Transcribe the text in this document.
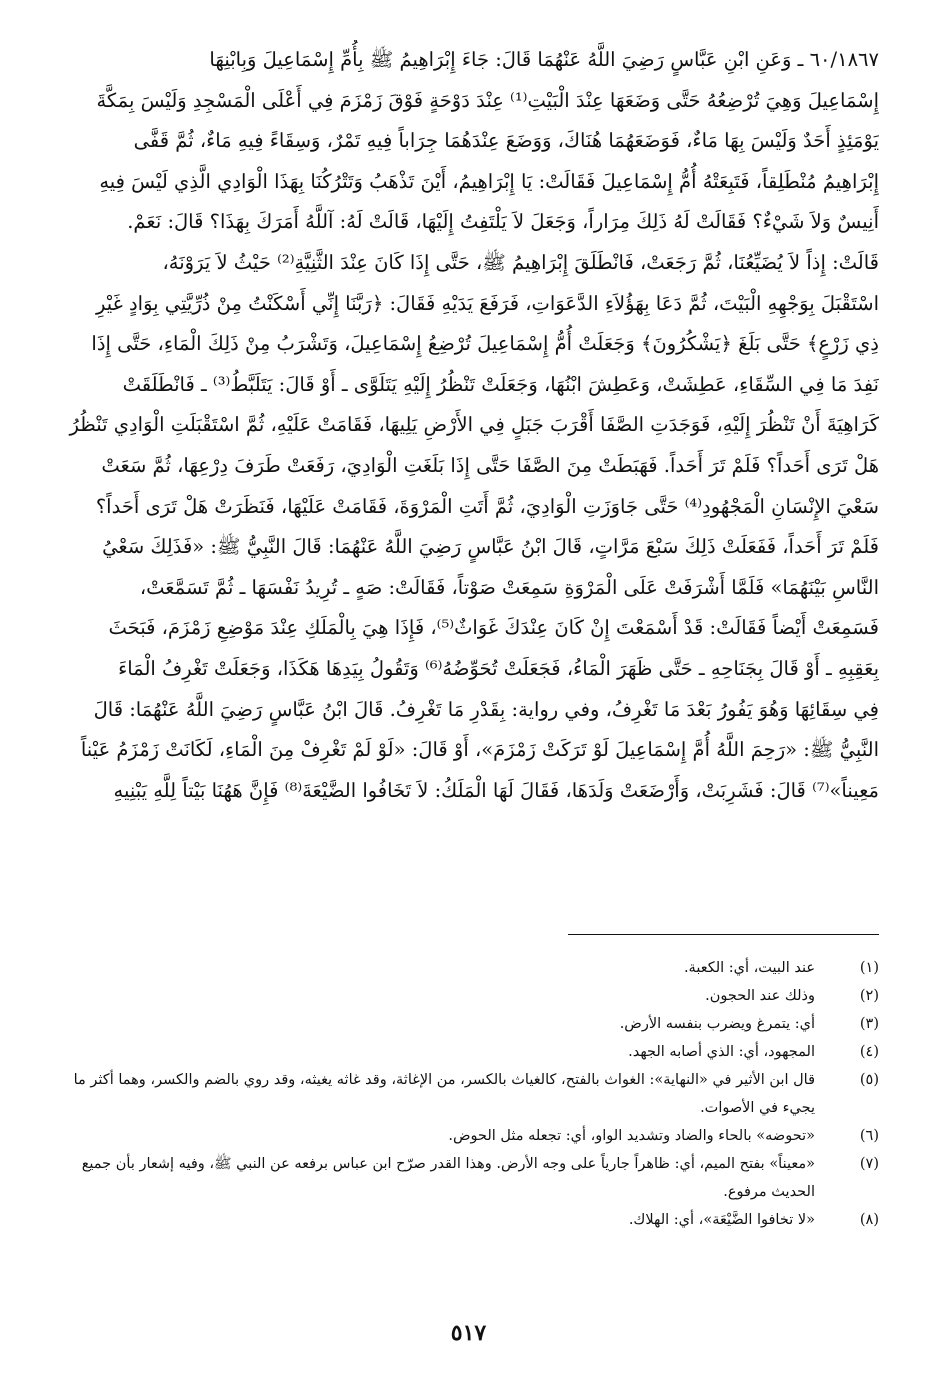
٦٠/١٨٦٧ ـ وَعَنِ ابْنِ عَبَّاسٍ رَضِيَ اللَّهُ عَنْهُمَا قَالَ: جَاءَ إِبْرَاهِيمُ ﷺ بِأُمِّ إِسْمَاعِيلَ وَبِابْنِهَا
إِسْمَاعِيلَ وَهِيَ تُرْضِعُهُ حَتَّى وَضَعَهَا عِنْدَ الْبَيْتِ⁽¹⁾ عِنْدَ دَوْحَةٍ فَوْقَ زَمْزَمَ فِي أَعْلَى الْمَسْجِدِ وَلَيْسَ بِمَكَّةَ
يَوْمَئِذٍ أَحَدٌ وَلَيْسَ بِهَا مَاءٌ، فَوَضَعَهُمَا هُنَاكَ، وَوَضَعَ عِنْدَهُمَا جِرَاباً فِيهِ تَمْرٌ، وَسِقَاءً فِيهِ مَاءٌ، ثُمَّ قَفَّى
إِبْرَاهِيمُ مُنْطَلِقاً، فَتَبِعَتْهُ أُمُّ إِسْمَاعِيلَ فَقَالَتْ: يَا إِبْرَاهِيمُ، أَيْنَ تَذْهَبُ وَتَتْرُكُنَا بِهَذَا الْوَادِي الَّذِي لَيْسَ فِيهِ
أَنِيسٌ وَلاَ شَيْءٌ؟ فَقَالَتْ لَهُ ذَلِكَ مِرَاراً، وَجَعَلَ لاَ يَلْتَفِتُ إِلَيْهَا، قَالَتْ لَهُ: آللَّهُ أَمَرَكَ بِهَذَا؟ قَالَ: نَعَمْ.
قَالَتْ: إِذاً لاَ يُضَيِّعُنَا، ثُمَّ رَجَعَتْ، فَانْطَلَقَ إِبْرَاهِيمُ ﷺ، حَتَّى إِذَا كَانَ عِنْدَ الثَّنِيَّةِ⁽²⁾ حَيْثُ لاَ يَرَوْنَهُ،
اسْتَقْبَلَ بِوَجْهِهِ الْبَيْتَ، ثُمَّ دَعَا بِهَؤُلاَءِ الدَّعَوَاتِ، فَرَفَعَ يَدَيْهِ فَقَالَ: ﴿رَبَّنَا إِنِّي أَسْكَنْتُ مِنْ ذُرِّيَّتِي بِوَادٍ غَيْرِ
ذِي زَرْعٍ﴾ حَتَّى بَلَغَ ﴿يَشْكُرُونَ﴾ وَجَعَلَتْ أُمُّ إِسْمَاعِيلَ تُرْضِعُ إِسْمَاعِيلَ، وَتَشْرَبُ مِنْ ذَلِكَ الْمَاءِ، حَتَّى إِذَا
نَفِدَ مَا فِي السِّقَاءِ، عَطِشَتْ، وَعَطِشَ ابْنُهَا، وَجَعَلَتْ تَنْظُرُ إِلَيْهِ يَتَلَوَّى ـ أَوْ قَالَ: يَتَلَبَّطُ⁽³⁾ ـ فَانْطَلَقَتْ
كَرَاهِيَةَ أَنْ تَنْظُرَ إِلَيْهِ، فَوَجَدَتِ الصَّفَا أَقْرَبَ جَبَلٍ فِي الأَرْضِ يَلِيهَا، فَقَامَتْ عَلَيْهِ، ثُمَّ اسْتَقْبَلَتِ الْوَادِي تَنْظُرُ
هَلْ تَرَى أَحَداً؟ فَلَمْ تَرَ أَحَداً. فَهَبَطَتْ مِنَ الصَّفَا حَتَّى إِذَا بَلَغَتِ الْوَادِيَ، رَفَعَتْ طَرَفَ دِرْعِهَا، ثُمَّ سَعَتْ
سَعْيَ الإِنْسَانِ الْمَجْهُودِ⁽⁴⁾ حَتَّى جَاوَزَتِ الْوَادِيَ، ثُمَّ أَتَتِ الْمَرْوَةَ، فَقَامَتْ عَلَيْهَا، فَنَظَرَتْ هَلْ تَرَى أَحَداً؟
فَلَمْ تَرَ أَحَداً، فَفَعَلَتْ ذَلِكَ سَبْعَ مَرَّاتٍ، قَالَ ابْنُ عَبَّاسٍ رَضِيَ اللَّهُ عَنْهُمَا: قَالَ النَّبِيُّ ﷺ: «فَذَلِكَ سَعْيُ
النَّاسِ بَيْنَهُمَا» فَلَمَّا أَشْرَفَتْ عَلَى الْمَرْوَةِ سَمِعَتْ صَوْتاً، فَقَالَتْ: صَهٍ ـ تُرِيدُ نَفْسَهَا ـ ثُمَّ تَسَمَّعَتْ،
فَسَمِعَتْ أَيْضاً فَقَالَتْ: قَدْ أَسْمَعْتَ إِنْ كَانَ عِنْدَكَ غَوَاثٌ⁽⁵⁾، فَإِذَا هِيَ بِالْمَلَكِ عِنْدَ مَوْضِعِ زَمْزَمَ، فَبَحَثَ
بِعَقِبِهِ ـ أَوْ قَالَ بِجَنَاحِهِ ـ حَتَّى ظَهَرَ الْمَاءُ، فَجَعَلَتْ تُحَوِّضُهُ⁽⁶⁾ وَتَقُولُ بِيَدِهَا هَكَذَا، وَجَعَلَتْ تَغْرِفُ الْمَاءَ
فِي سِقَائِهَا وَهُوَ يَفُورُ بَعْدَ مَا تَغْرِفُ، وفي رواية: بِقَدْرِ مَا تَغْرِفُ. قَالَ ابْنُ عَبَّاسٍ رَضِيَ اللَّهُ عَنْهُمَا: قَالَ
النَّبِيُّ ﷺ: «رَحِمَ اللَّهُ أُمَّ إِسْمَاعِيلَ لَوْ تَرَكَتْ زَمْزَمَ»، أَوْ قَالَ: «لَوْ لَمْ تَغْرِفْ مِنَ الْمَاءِ، لَكَانَتْ زَمْزَمُ عَيْناً
مَعِيناً»⁽⁷⁾ قَالَ: فَشَرِبَتْ، وَأَرْضَعَتْ وَلَدَهَا، فَقَالَ لَهَا الْمَلَكُ: لاَ تَخَافُوا الضَّيْعَةَ⁽⁸⁾ فَإِنَّ هَهُنَا بَيْتاً لِلَّهِ يَبْنِيهِ
(١)
عند البيت، أي: الكعبة.
(٢)
وذلك عند الحجون.
(٣)
أي: يتمرغ ويضرب بنفسه الأرض.
(٤)
المجهود، أي: الذي أصابه الجهد.
(٥)
قال ابن الأثير في «النهاية»: الغواث بالفتح، كالغياث بالكسر، من الإغاثة، وقد غاثه يغيثه، وقد روي بالضم والكسر، وهما أكثر ما يجيء في الأصوات.
(٦)
«تحوضه» بالحاء والضاد وتشديد الواو، أي: تجعله مثل الحوض.
(٧)
«معيناً» بفتح الميم، أي: ظاهراً جارياً على وجه الأرض. وهذا القدر صرّح ابن عباس برفعه عن النبي ﷺ، وفيه إشعار بأن جميع الحديث مرفوع.
(٨)
«لا تخافوا الضَّيْعَة»، أي: الهلاك.
٥١٧
